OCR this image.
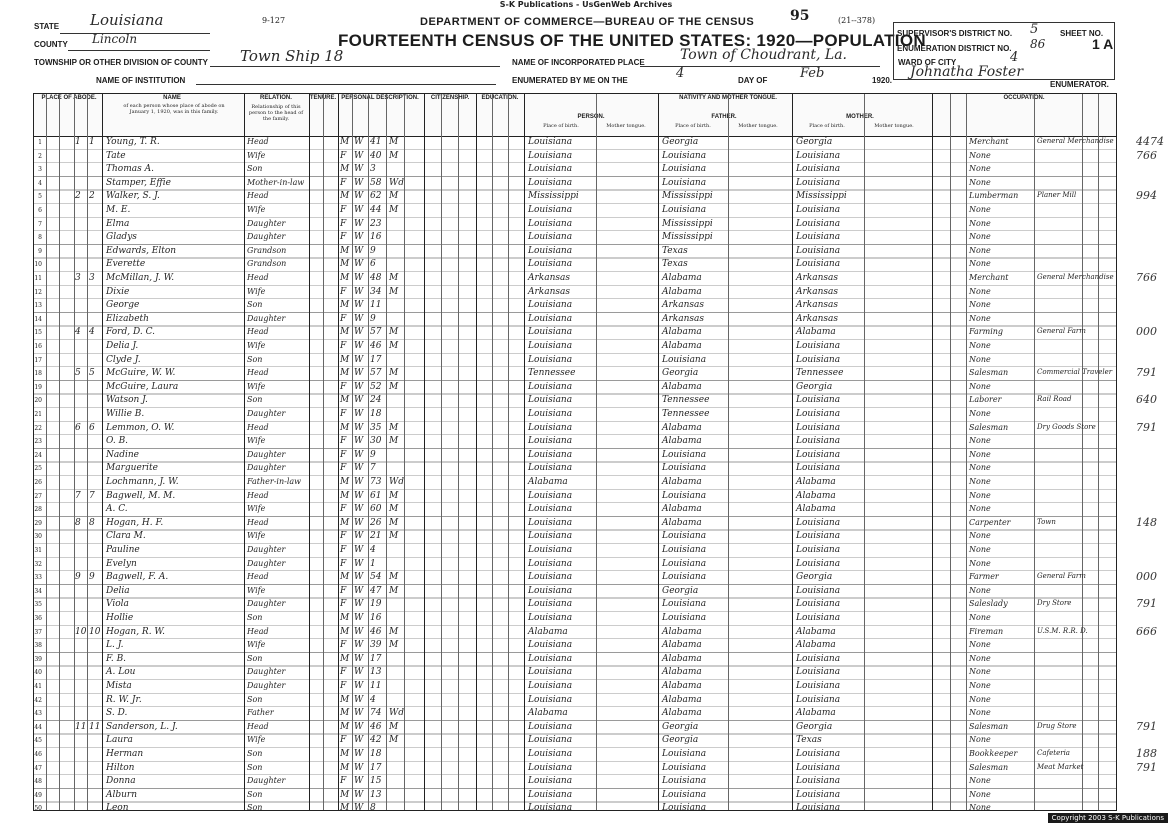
S-K Publications - UsGenWeb Archives
9-127	95	(21--378)
DEPARTMENT OF COMMERCE—BUREAU OF THE CENSUS
FOURTEENTH CENSUS OF THE UNITED STATES: 1920—POPULATION
STATE Louisiana
COUNTY Lincoln
TOWNSHIP OR OTHER DIVISION OF COUNTY Town Ship 18	NAME OF INCORPORATED PLACE	Town of Choudrant, La.	WARD OF CITY	4
NAME OF INSTITUTION	ENUMERATED BY ME ON THE	4	DAY OF	Feb	1920.
Johnatha Foster
ENUMERATOR.
SUPERVISOR'S DISTRICT NO. 5
ENUMERATION DISTRICT NO. 86
SHEET NO.
1 A
PLACE OF ABODE.	NAME
of each person whose place of abode on January 1, 1920, was in this family.
RELATION.
Relationship of this person to the head of the family.
TENURE. PERSONAL DESCRIPTION.	CITIZENSHIP.	EDUCATION.	NATIVITY AND MOTHER TONGUE.
PERSON.	FATHER.	MOTHER.
Place of birth.	Mother tongue.	Place of birth.	Mother tongue.	Place of birth.	Mother tongue.
OCCUPATION.
1	1 1 Young, T. R.	Head	M W 41 M	Louisiana	Georgia	Georgia	Merchant	General Merchandise
2	Tate	Wife	F W 40 M	Louisiana	Louisiana	Louisiana	None
3	Thomas A.	Son	M W 3	Louisiana	Louisiana	Louisiana	None
4	Stamper, Effie	Mother-in-law	F W 58 Wd	Louisiana	Louisiana	Louisiana	None
5	2 2 Walker, S. J.	Head	M W 62 M	Mississippi	Mississippi	Mississippi	Lumberman	Planer Mill
6	M. E.	Wife	F W 44 M	Louisiana	Louisiana	Louisiana	None
7	Elma	Daughter	F W 23	Louisiana	Mississippi	Louisiana	None
8	Gladys	Daughter	F W 16	Louisiana	Mississippi	Louisiana	None
9	Edwards, Elton	Grandson	M W 9	Louisiana	Texas	Louisiana	None
10	Everette	Grandson	M W 6	Louisiana	Texas	Louisiana	None
11	3 3 McMillan, J. W.	Head	M W 48 M	Arkansas	Alabama	Arkansas	Merchant	General Merchandise
12	Dixie	Wife	F W 34 M	Arkansas	Alabama	Arkansas	None
13	George	Son	M W 11	Louisiana	Arkansas	Arkansas	None
14	Elizabeth	Daughter	F W 9	Louisiana	Arkansas	Arkansas	None
15	4 4 Ford, D. C.	Head	M W 57 M	Louisiana	Alabama	Alabama	Farming	General Farm
16	Delia J.	Wife	F W 46 M	Louisiana	Alabama	Louisiana	None
17	Clyde J.	Son	M W 17	Louisiana	Louisiana	Louisiana	None
18	5 5 McGuire, W. W.	Head	M W 57 M	Tennessee	Georgia	Tennessee	Salesman	Commercial Traveler
19	McGuire, Laura	Wife	F W 52 M	Louisiana	Alabama	Georgia	None
20	Watson J.	Son	M W 24	Louisiana	Tennessee	Louisiana	Laborer	Rail Road
21	Willie B.	Daughter	F W 18	Louisiana	Tennessee	Louisiana	None
22	6 6 Lemmon, O. W.	Head	M W 35 M	Louisiana	Alabama	Louisiana	Salesman	Dry Goods Store
23	O. B.	Wife	F W 30 M	Louisiana	Alabama	Louisiana	None
24	Nadine	Daughter	F W 9	Louisiana	Louisiana	Louisiana	None
25	Marguerite	Daughter	F W 7	Louisiana	Louisiana	Louisiana	None
26	Lochmann, J. W.	Father-in-law	M W 73 Wd	Alabama	Alabama	Alabama	None
27	7 7 Bagwell, M. M.	Head	M W 61 M	Louisiana	Louisiana	Alabama	None
28	A. C.	Wife	F W 60 M	Louisiana	Alabama	Alabama	None
29	8 8 Hogan, H. F.	Head	M W 26 M	Louisiana	Alabama	Louisiana	Carpenter	Town
30	Clara M.	Wife	F W 21 M	Louisiana	Louisiana	Louisiana	None
31	Pauline	Daughter	F W 4	Louisiana	Louisiana	Louisiana	None
32	Evelyn	Daughter	F W 1	Louisiana	Louisiana	Louisiana	None
33	9 9 Bagwell, F. A.	Head	M W 54 M	Louisiana	Louisiana	Georgia	Farmer	General Farm
34	Delia	Wife	F W 47 M	Louisiana	Georgia	Louisiana	None
35	Viola	Daughter	F W 19	Louisiana	Louisiana	Louisiana	Saleslady	Dry Store
36	Hollie	Son	M W 16	Louisiana	Louisiana	Louisiana	None
37	10 10 Hogan, R. W.	Head	M W 46 M	Alabama	Alabama	Alabama	Fireman	U.S.M. R.R. D.
38	L. J.	Wife	F W 39 M	Louisiana	Alabama	Alabama	None
39	F. B.	Son	M W 17	Louisiana	Alabama	Louisiana	None
40	A. Lou	Daughter	F W 13	Louisiana	Alabama	Louisiana	None
41	Mista	Daughter	F W 11	Louisiana	Alabama	Louisiana	None
42	R. W. Jr.	Son	M W 4	Louisiana	Alabama	Louisiana	None
43	S. D.	Father	M W 74 Wd	Alabama	Alabama	Alabama	None
44	11 11 Sanderson, L. J.	Head	M W 46 M	Louisiana	Georgia	Georgia	Salesman	Drug Store
45	Laura	Wife	F W 42 M	Louisiana	Georgia	Texas	None
46	Herman	Son	M W 18	Louisiana	Louisiana	Louisiana	Bookkeeper	Cafeteria
47	Hilton	Son	M W 17	Louisiana	Louisiana	Louisiana	Salesman	Meat Market
48	Donna	Daughter	F W 15	Louisiana	Louisiana	Louisiana	None
49	Alburn	Son	M W 13	Louisiana	Louisiana	Louisiana	None
50	Leon	Son	M W 8	Louisiana	Louisiana	Louisiana	None
4474
766
994
766
000
791
640
791
148
000
791
666
791
188
791
Copyright 2003 S-K Publications
